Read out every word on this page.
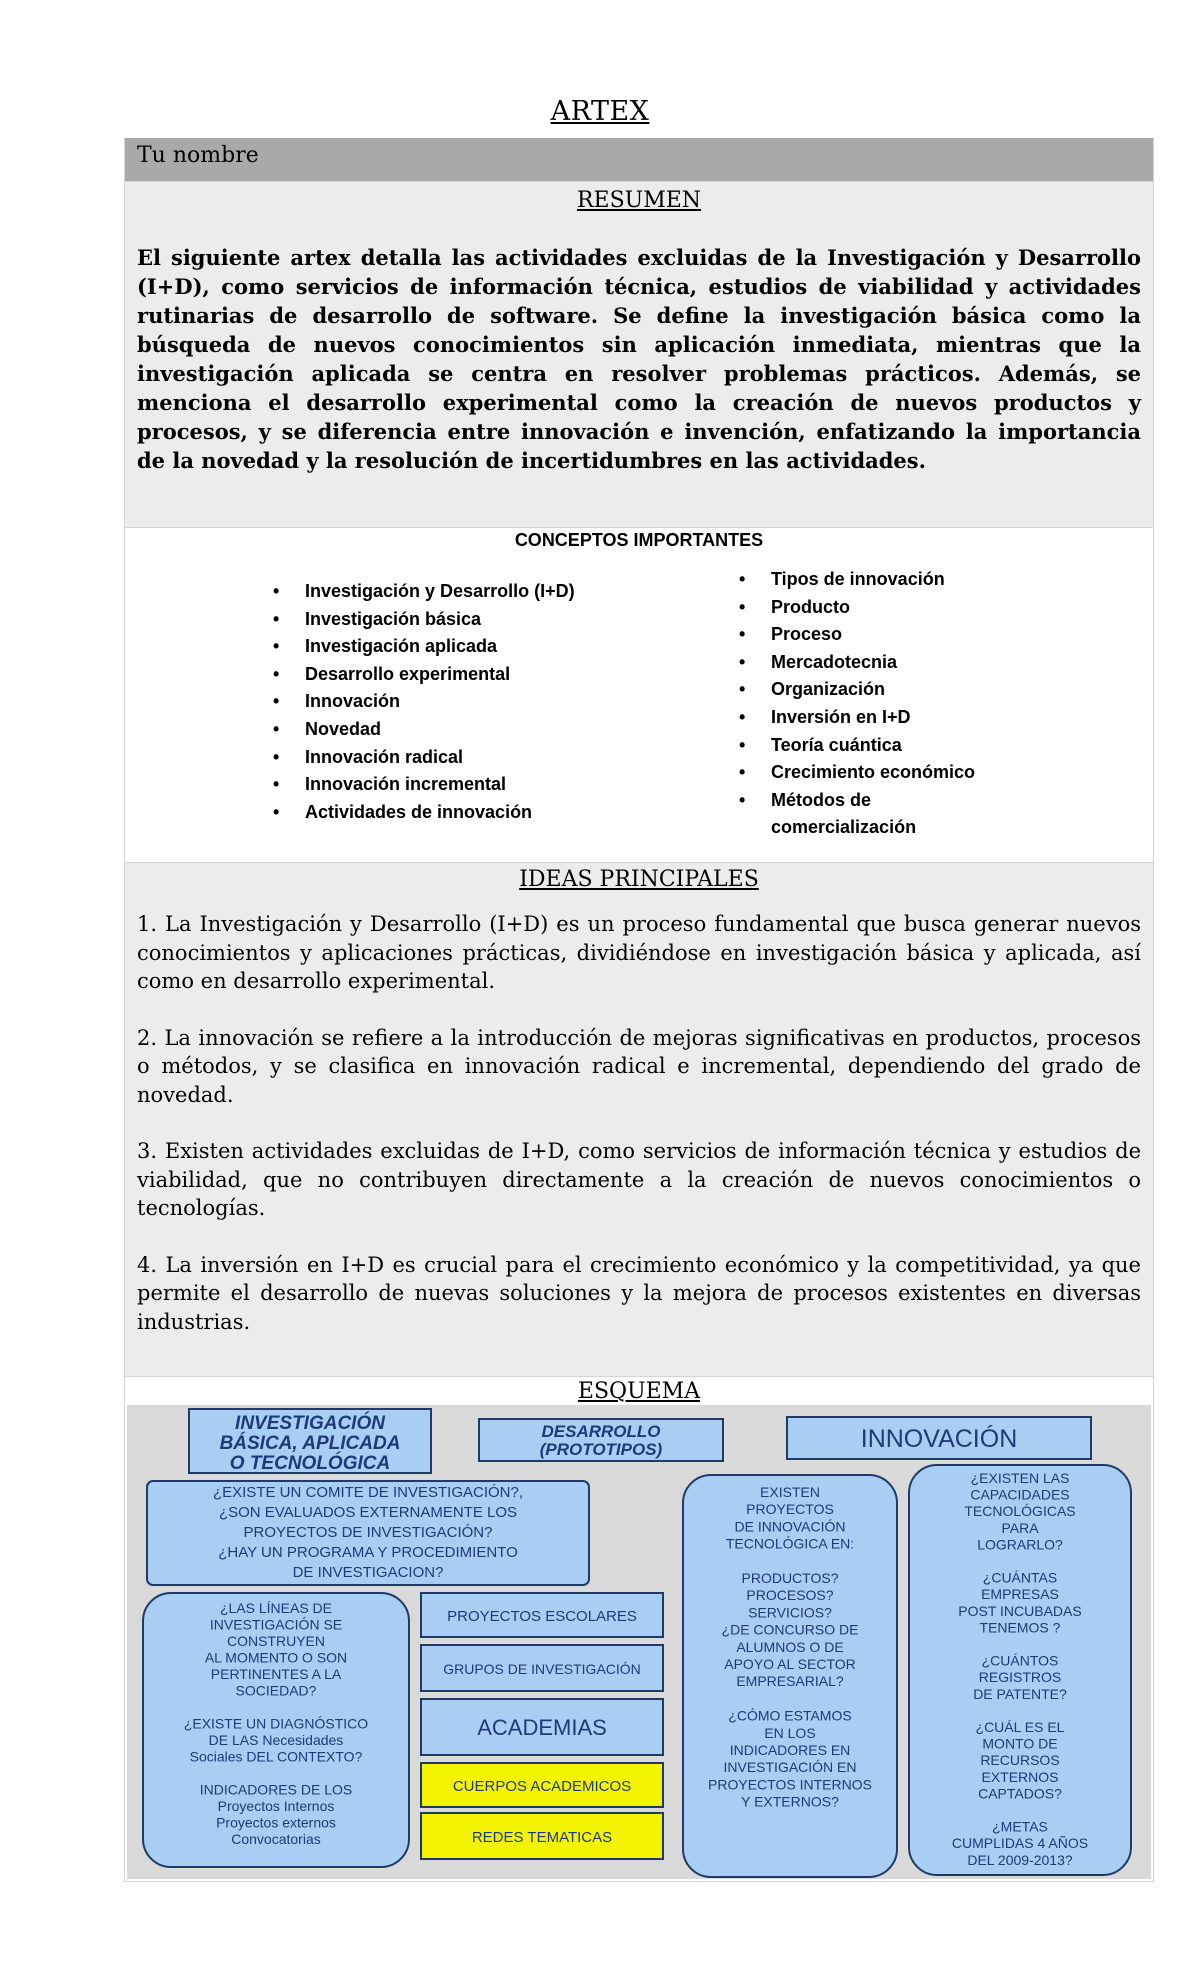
ARTEX
Tu nombre
RESUMEN
El siguiente artex detalla las actividades excluidas de la Investigación y Desarrollo (I+D), como servicios de información técnica, estudios de viabilidad y actividades rutinarias de desarrollo de software. Se define la investigación básica como la búsqueda de nuevos conocimientos sin aplicación inmediata, mientras que la investigación aplicada se centra en resolver problemas prácticos. Además, se menciona el desarrollo experimental como la creación de nuevos productos y procesos, y se diferencia entre innovación e invención, enfatizando la importancia de la novedad y la resolución de incertidumbres en las actividades.
CONCEPTOS IMPORTANTES
• Investigación y Desarrollo (I+D)
• Investigación básica
• Investigación aplicada
• Desarrollo experimental
• Innovación
• Novedad
• Innovación radical
• Innovación incremental
• Actividades de innovación
• Tipos de innovación
• Producto
• Proceso
• Mercadotecnia
• Organización
• Inversión en I+D
• Teoría cuántica
• Crecimiento económico
• Métodos de comercialización
IDEAS PRINCIPALES

1. La Investigación y Desarrollo (I+D) es un proceso fundamental que busca generar nuevos conocimientos y aplicaciones prácticas, dividiéndose en investigación básica y aplicada, así como en desarrollo experimental.

2. La innovación se refiere a la introducción de mejoras significativas en productos, procesos o métodos, y se clasifica en innovación radical e incremental, dependiendo del grado de novedad.

3. Existen actividades excluidas de I+D, como servicios de información técnica y estudios de viabilidad, que no contribuyen directamente a la creación de nuevos conocimientos o tecnologías.

4. La inversión en I+D es crucial para el crecimiento económico y la competitividad, ya que permite el desarrollo de nuevas soluciones y la mejora de procesos existentes en diversas industrias.

ESQUEMA
INVESTIGACIÓN BÁSICA, APLICADA O TECNOLÓGICA
DESARROLLO (PROTOTIPOS)	INNOVACIÓN
¿EXISTE UN COMITE DE INVESTIGACIÓN?, ¿SON EVALUADOS EXTERNAMENTE LOS PROYECTOS DE INVESTIGACIÓN? ¿HAY UN PROGRAMA Y PROCEDIMIENTO DE INVESTIGACION?
¿LAS LÍNEAS DE INVESTIGACIÓN SE CONSTRUYEN AL MOMENTO O SON PERTINENTES A LA SOCIEDAD? ¿EXISTE UN DIAGNÓSTICO DE LAS Necesidades Sociales DEL CONTEXTO? INDICADORES DE LOS Proyectos Internos Proyectos externos Convocatorias
PROYECTOS ESCOLARES
GRUPOS DE INVESTIGACIÓN
ACADEMIAS
CUERPOS ACADEMICOS
REDES TEMATICAS
EXISTEN PROYECTOS DE INNOVACIÓN TECNOLÓGICA EN: PRODUCTOS? PROCESOS? SERVICIOS? ¿DE CONCURSO DE ALUMNOS O DE APOYO AL SECTOR EMPRESARIAL? ¿CÓMO ESTAMOS EN LOS INDICADORES EN INVESTIGACIÓN EN PROYECTOS INTERNOS Y EXTERNOS?
¿EXISTEN LAS CAPACIDADES TECNOLÓGICAS PARA LOGRARLO? ¿CUÁNTAS EMPRESAS POST INCUBADAS TENEMOS ? ¿CUÁNTOS REGISTROS DE PATENTE? ¿CUÁL ES EL MONTO DE RECURSOS EXTERNOS CAPTADOS? ¿METAS CUMPLIDAS 4 AÑOS DEL 2009-2013?
